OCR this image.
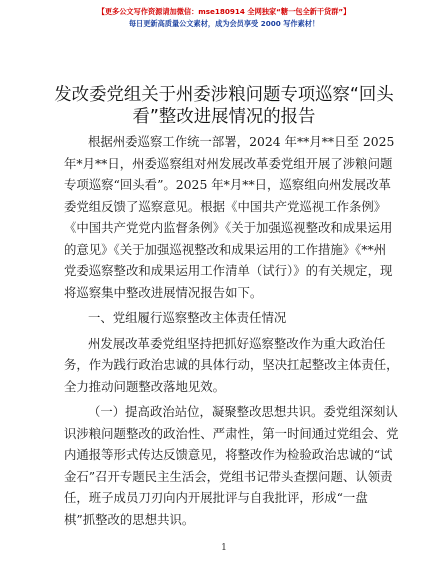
【更多公文写作资源请加微信：mse180914 全网独家“糖一包全新干货群”】
每日更新高质量公文素材，成为会员享受 2000 写作素材！
发改委党组关于州委涉粮问题专项巡察“回头
看”整改进展情况的报告
根据州委巡察工作统一部署，2024 年**月**日至 2025
年*月**日，州委巡察组对州发展改革委党组开展了涉粮问题
专项巡察“回头看”。2025 年*月**日，巡察组向州发展改革
委党组反馈了巡察意见。根据《中国共产党巡视工作条例》
《中国共产党党内监督条例》《关于加强巡视整改和成果运用
的意见》《关于加强巡视整改和成果运用的工作措施》《**州
党委巡察整改和成果运用工作清单（试行）》的有关规定，现
将巡察集中整改进展情况报告如下。
一、党组履行巡察整改主体责任情况
州发展改革委党组坚持把抓好巡察整改作为重大政治任
务，作为践行政治忠诚的具体行动，坚决扛起整改主体责任，
全力推动问题整改落地见效。
（一）提高政治站位，凝聚整改思想共识。委党组深刻认
识涉粮问题整改的政治性、严肃性，第一时间通过党组会、党
内通报等形式传达反馈意见，将整改作为检验政治忠诚的“试
金石”召开专题民主生活会，党组书记带头查摆问题、认领责
任，班子成员刀刃向内开展批评与自我批评，形成“一盘
棋”抓整改的思想共识。
1
